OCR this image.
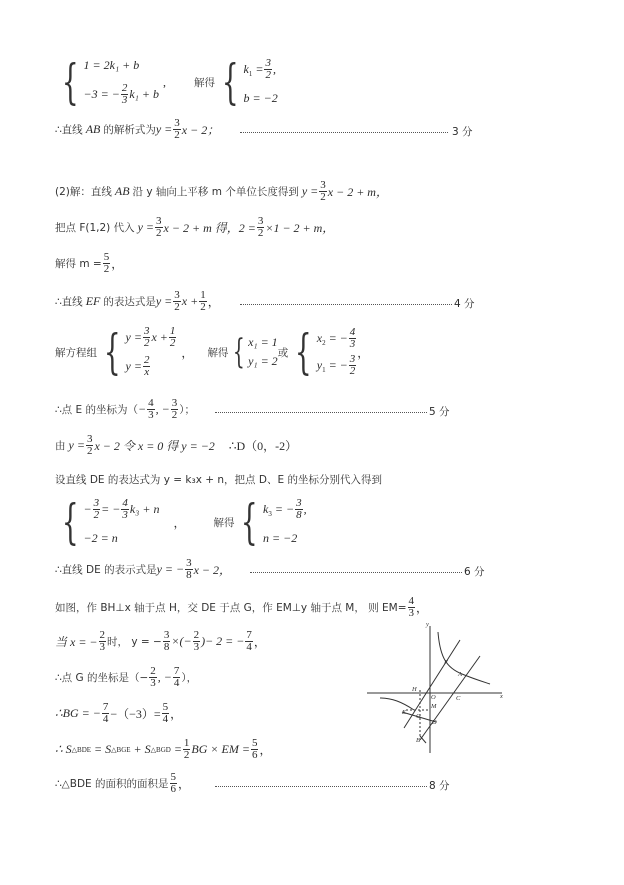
{ 1 = 2k₁ + b
−3 = − $\frac{2}{3} k_1 + b$
,	解得 { $k_1 = \frac{3}{2}$ ,
b = −2
∴直线 AB 的解析式为 $y = \frac{3}{2}$ x − 2；	3 分
(2)解：直线 AB 沿 y 轴向上平移 m 个单位长度得到 $y = \frac{3}{2}$ x − 2 + m，
把点 F(1,2) 代入 $y = \frac{3}{2}$ x − 2 + m 得，$2 = \frac{3}{2} \times 1 - 2 + m$，
解得 $m = \frac{5}{2}$ ，
∴直线 EF 的表达式是 $y = \frac{3}{2}$ $x + \frac{1}{2}$ ，	4 分
解方程组 { $y = \frac{3}{2}$ $x + \frac{1}{2}$
$y = \frac{2}{x}$
， 解得 { x₁ = 1
y₁ = 2
或 { $x_2$ = − $\frac{4}{3}$
$y_1$ = − $\frac{3}{2}$
，
∴点 E 的坐标为（ − $\frac{4}{3}$ , − $\frac{3}{2}$ ）；	5 分
由 $y = \frac{3}{2}$ x − 2 令 x = 0 得 y = −2 ∴D（0，-2）
设直线 DE 的表达式为 y = k₃x + n，把点 D、E 的坐标分别代入得到
{ − $\frac{3}{2}$ = − $\frac{4}{3} k_3 + n$
−2 = n
，	解得 { $k_3$ = − $\frac{3}{8}$ ,
n = −2
∴直线 DE 的表示式是 y = − $\frac{3}{8}$ x − 2，	6 分
如图，作 BH⊥x 轴于点 H，交 DE 于点 G，作 EM⊥y 轴于点 M， 则 $EM= \frac{4}{3}$ ，
当 x = − $\frac{2}{3}$ 时， y = − $\frac{3}{8}$ ×(− $\frac{2}{3}$ ) − 2 = − $\frac{7}{4}$ ，
∴点 G 的坐标是（− $\frac{2}{3}$ , − $\frac{7}{4}$ ），
∴BG = − $\frac{7}{4} -(-3)= \frac{5}{4}$ ，
∴ S △BDE = S △BGE + S △BGD = $\frac{1}{2}$ BG × EM = $\frac{5}{6}$ ，
∴△BDE 的面积的面积是 $\frac{5}{6}$ ，	8 分
y
x
H
O	C
M
E
G
D
B
F
A
